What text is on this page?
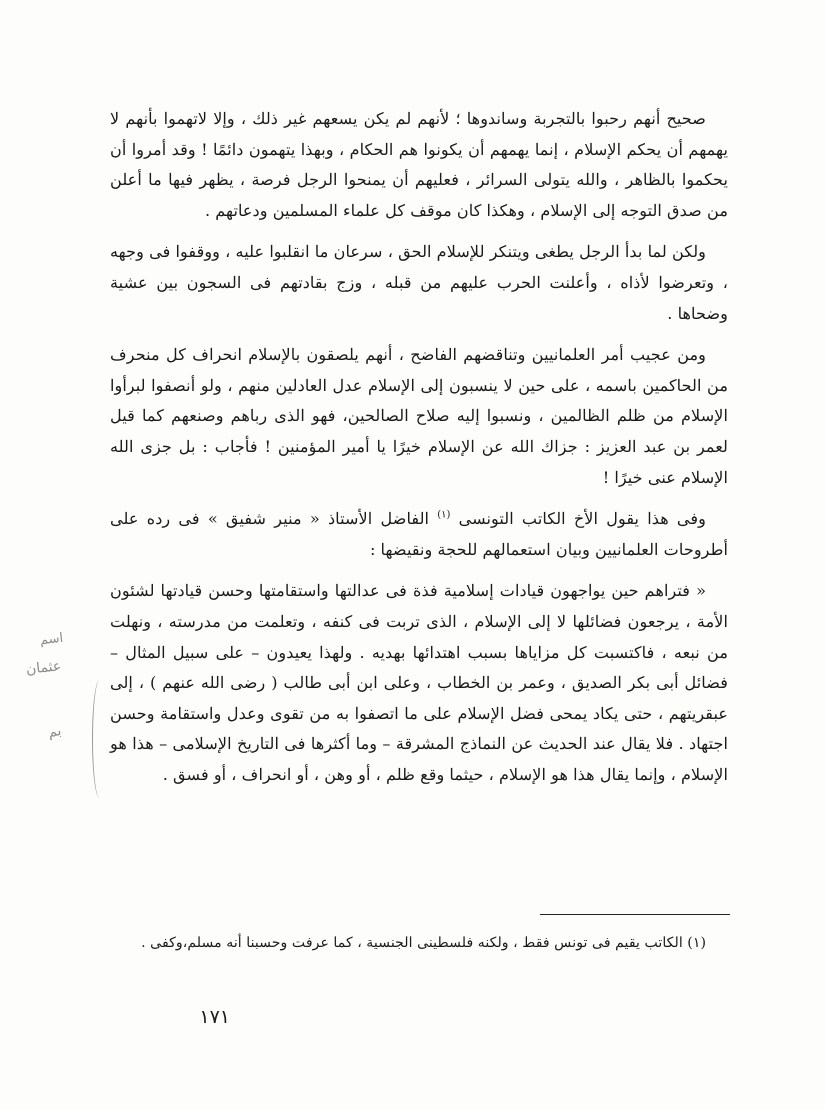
صحيح أنهم رحبوا بالتجربة وساندوها ؛ لأنهم لم يكن يسعهم غير ذلك ، وإلا لاتهموا بأنهم لا يهمهم أن يحكم الإسلام ، إنما يهمهم أن يكونوا هم الحكام ، وبهذا يتهمون دائمًا ! وقد أمروا أن يحكموا بالظاهر ، والله يتولى السرائر ، فعليهم أن يمنحوا الرجل فرصة ، يظهر فيها ما أعلن من صدق التوجه إلى الإسلام ، وهكذا كان موقف كل علماء المسلمين ودعاتهم .

ولكن لما بدأ الرجل يطغى ويتنكر للإسلام الحق ، سرعان ما انقلبوا عليه ، ووقفوا فى وجهه ، وتعرضوا لأذاه ، وأعلنت الحرب عليهم من قبله ، وزج بقادتهم فى السجون بين عشية وضحاها .

ومن عجيب أمر العلمانيين وتناقضهم الفاضح ، أنهم يلصقون بالإسلام انحراف كل منحرف من الحاكمين باسمه ، على حين لا ينسبون إلى الإسلام عدل العادلين منهم ، ولو أنصفوا لبرأوا الإسلام من ظلم الظالمين ، ونسبوا إليه صلاح الصالحين، فهو الذى رباهم وصنعهم كما قيل لعمر بن عبد العزيز : جزاك الله عن الإسلام خيرًا يا أمير المؤمنين ! فأجاب : بل جزى الله الإسلام عنى خيرًا !

وفى هذا يقول الأخ الكاتب التونسى $^{(١)}$ الفاضل الأستاذ « منير شفيق » فى رده على أطروحات العلمانيين وبيان استعمالهم للحجة ونقيضها :

« فتراهم حين يواجهون قيادات إسلامية فذة فى عدالتها واستقامتها وحسن قيادتها لشئون الأمة ، يرجعون فضائلها لا إلى الإسلام ، الذى تربت فى كنفه ، وتعلمت من مدرسته ، ونهلت من نبعه ، فاكتسبت كل مزاياها بسبب اهتدائها بهديه . ولهذا يعيدون – على سبيل المثال – فضائل أبى بكر الصديق ، وعمر بن الخطاب ، وعلى ابن أبى طالب ( رضى الله عنهم ) ، إلى عبقريتهم ، حتى يكاد يمحى فضل الإسلام على ما اتصفوا به من تقوى وعدل واستقامة وحسن اجتهاد . فلا يقال عند الحديث عن النماذج المشرقة – وما أكثرها فى التاريخ الإسلامى – هذا هو الإسلام ، وإنما يقال هذا هو الإسلام ، حيثما وقع ظلم ، أو وهن ، أو انحراف ، أو فسق .

اسم
عثمان
بم
(١) الكاتب يقيم فى تونس فقط ، ولكنه فلسطينى الجنسية ، كما عرفت وحسبنا أنه مسلم،وكفى .
١٧١
